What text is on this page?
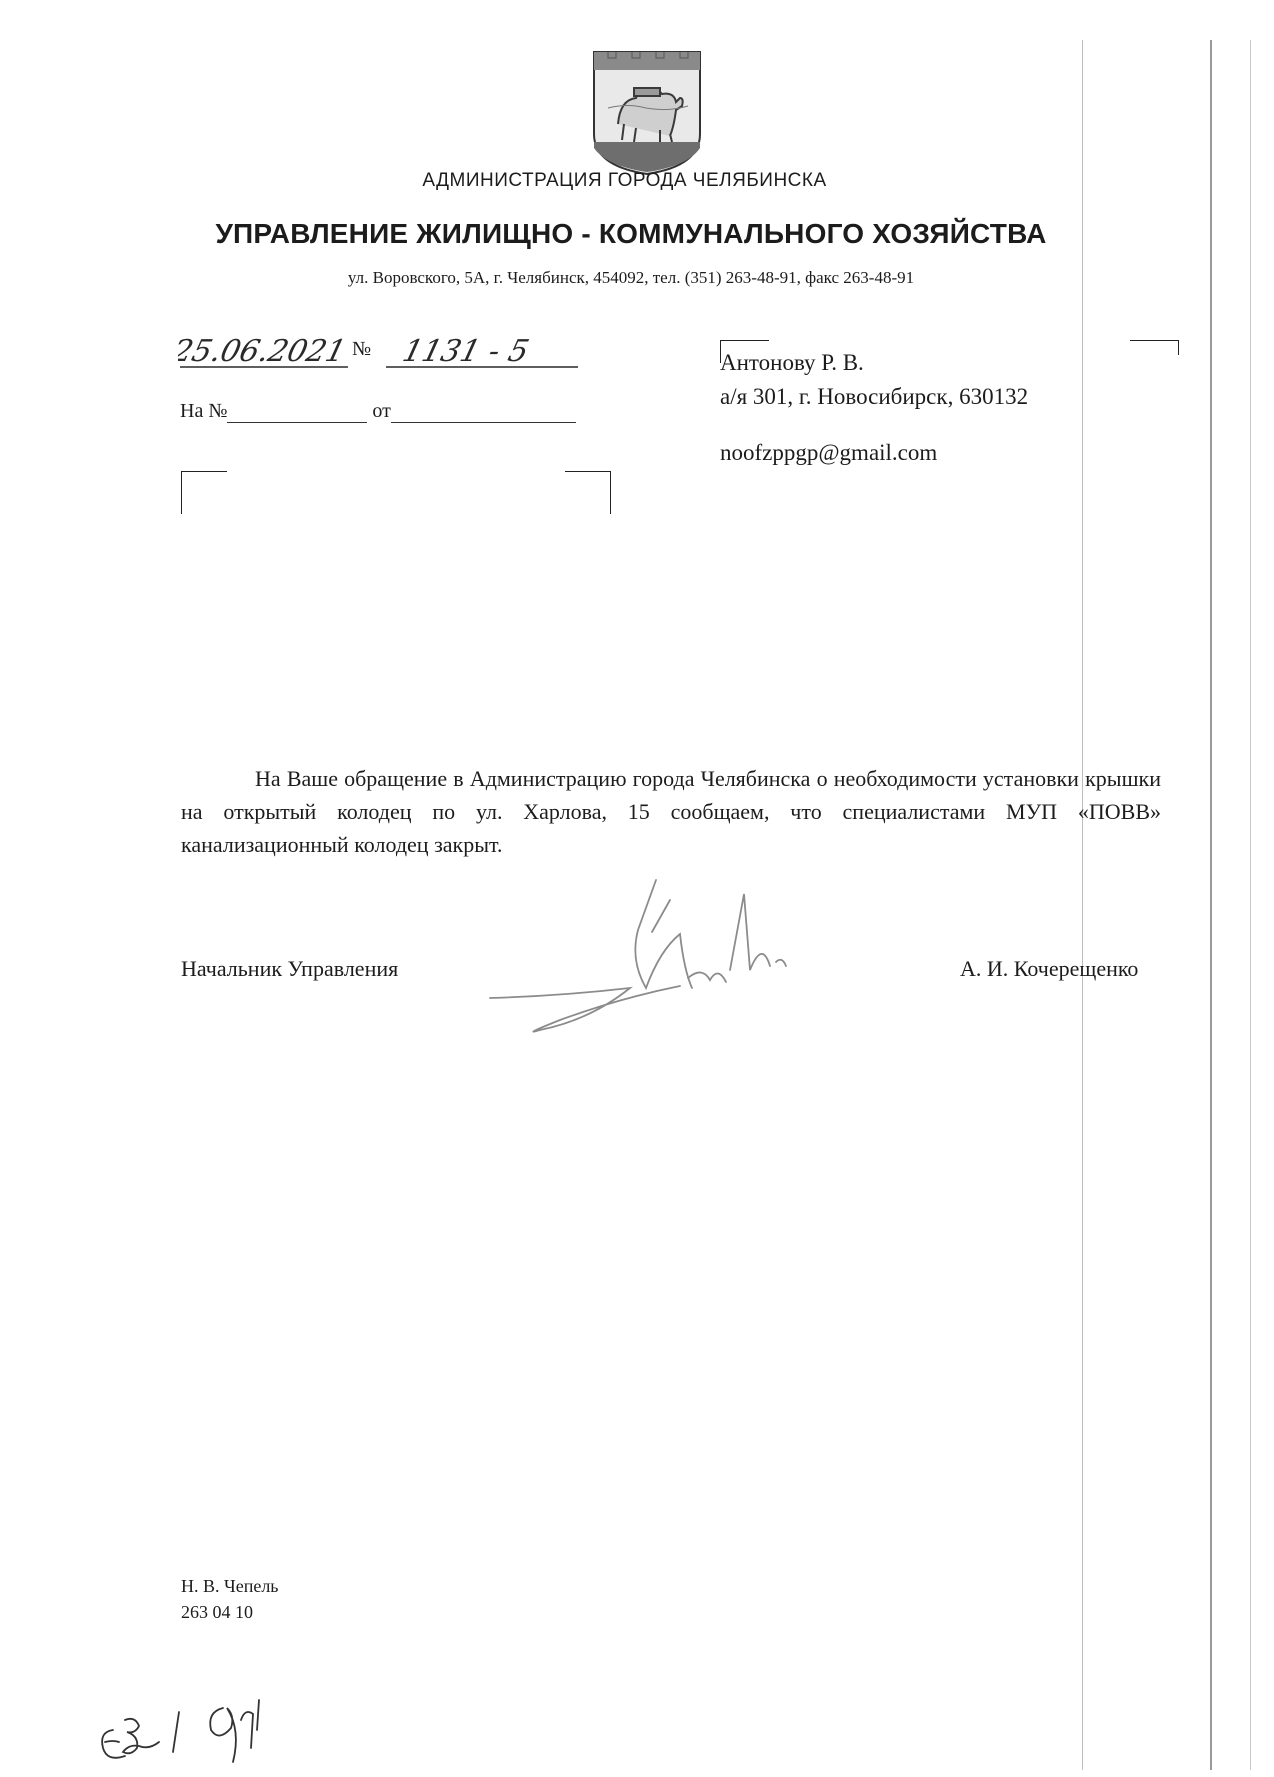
АДМИНИСТРАЦИЯ ГОРОДА ЧЕЛЯБИНСКА
УПРАВЛЕНИЕ ЖИЛИЩНО - КОММУНАЛЬНОГО ХОЗЯЙСТВА
ул. Воровского, 5А, г. Челябинск, 454092, тел. (351) 263-48-91, факс 263-48-91
25.06.2021 1131 - 5
№
На №	от
Антонову Р. В.
а/я 301, г. Новосибирск, 630132
noofzppgp@gmail.com

На Ваше обращение в Администрацию города Челябинска о необходимости установки крышки на открытый колодец по ул. Харлова, 15 сообщаем, что специалистами МУП «ПОВВ» канализационный колодец закрыт.

Начальник Управления	А. И. Кочерещенко
Н. В. Чепель
263 04 10
